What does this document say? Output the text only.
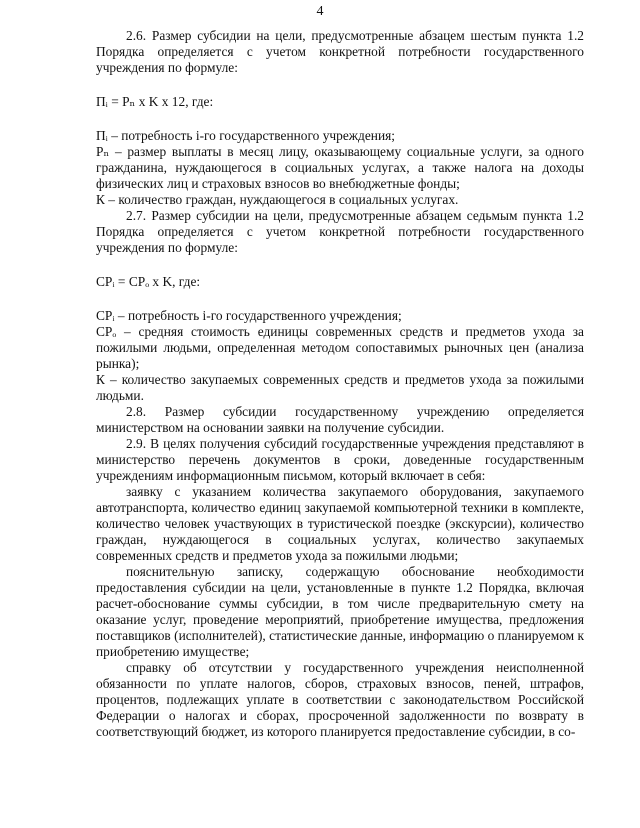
4

2.6. Размер субсидии на цели, предусмотренные абзацем шестым пункта 1.2 Порядка определяется с учетом конкретной потребности государственного учреждения по формуле:

Пᵢ = Pₙ x K x 12, где:

Пᵢ – потребность i-го государственного учреждения;

Pₙ – размер выплаты в месяц лицу, оказывающему социальные услуги, за одного гражданина, нуждающегося в социальных услугах, а также налога на доходы физических лиц и страховых взносов во внебюджетные фонды;

К – количество граждан, нуждающегося в социальных услугах.

2.7. Размер субсидии на цели, предусмотренные абзацем седьмым пункта 1.2 Порядка определяется с учетом конкретной потребности государственного учреждения по формуле:

СPᵢ = СPₒ x K, где:

СPᵢ – потребность i-го государственного учреждения;

СPₒ – средняя стоимость единицы современных средств и предметов ухода за пожилыми людьми, определенная методом сопоставимых рыночных цен (анализа рынка);

К – количество закупаемых современных средств и предметов ухода за пожилыми людьми.

2.8. Размер субсидии государственному учреждению определяется министерством на основании заявки на получение субсидии.

2.9. В целях получения субсидий государственные учреждения представляют в министерство перечень документов в сроки, доведенные государственным учреждениям информационным письмом, который включает в себя:

заявку с указанием количества закупаемого оборудования, закупаемого автотранспорта, количество единиц закупаемой компьютерной техники в комплекте, количество человек участвующих в туристической поездке (экскурсии), количество граждан, нуждающегося в социальных услугах, количество закупаемых современных средств и предметов ухода за пожилыми людьми;

пояснительную записку, содержащую обоснование необходимости предоставления субсидии на цели, установленные в пункте 1.2 Порядка, включая расчет-обоснование суммы субсидии, в том числе предварительную смету на оказание услуг, проведение мероприятий, приобретение имущества, предложения поставщиков (исполнителей), статистические данные, информацию о планируемом к приобретению имуществе;

справку об отсутствии у государственного учреждения неисполненной обязанности по уплате налогов, сборов, страховых взносов, пеней, штрафов, процентов, подлежащих уплате в соответствии с законодательством Российской Федерации о налогах и сборах, просроченной задолженности по возврату в соответствующий бюджет, из которого планируется предоставление субсидии, в со-
